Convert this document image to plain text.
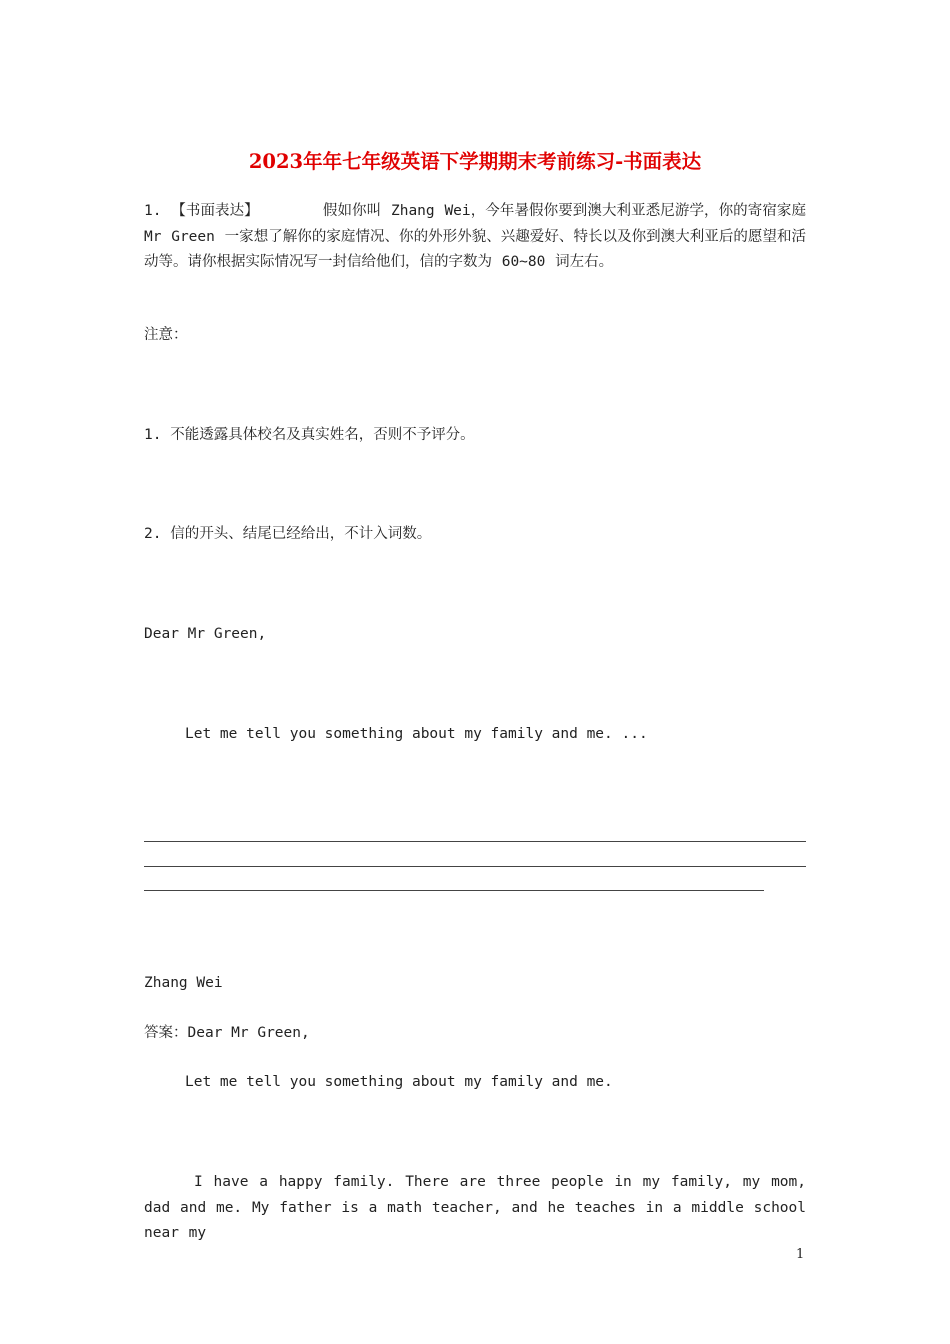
2023年年七年级英语下学期期末考前练习-书面表达
1. 【书面表达】	假如你叫 Zhang Wei，今年暑假你要到澳大利亚悉尼游学，你的寄宿家庭 Mr Green 一家想了解你的家庭情况、你的外形外貌、兴趣爱好、特长以及你到澳大利亚后的愿望和活动等。请你根据实际情况写一封信给他们，信的字数为 60~80 词左右。
注意：
1. 不能透露具体校名及真实姓名，否则不予评分。
2. 信的开头、结尾已经给出，不计入词数。
Dear Mr Green,
Let me tell you something about my family and me. ...
Zhang Wei
答案：Dear Mr Green,
Let me tell you something about my family and me.
I have a happy family. There are three people in my family, my mom, dad and me. My father is a math teacher, and he teaches in a middle school near my
1
